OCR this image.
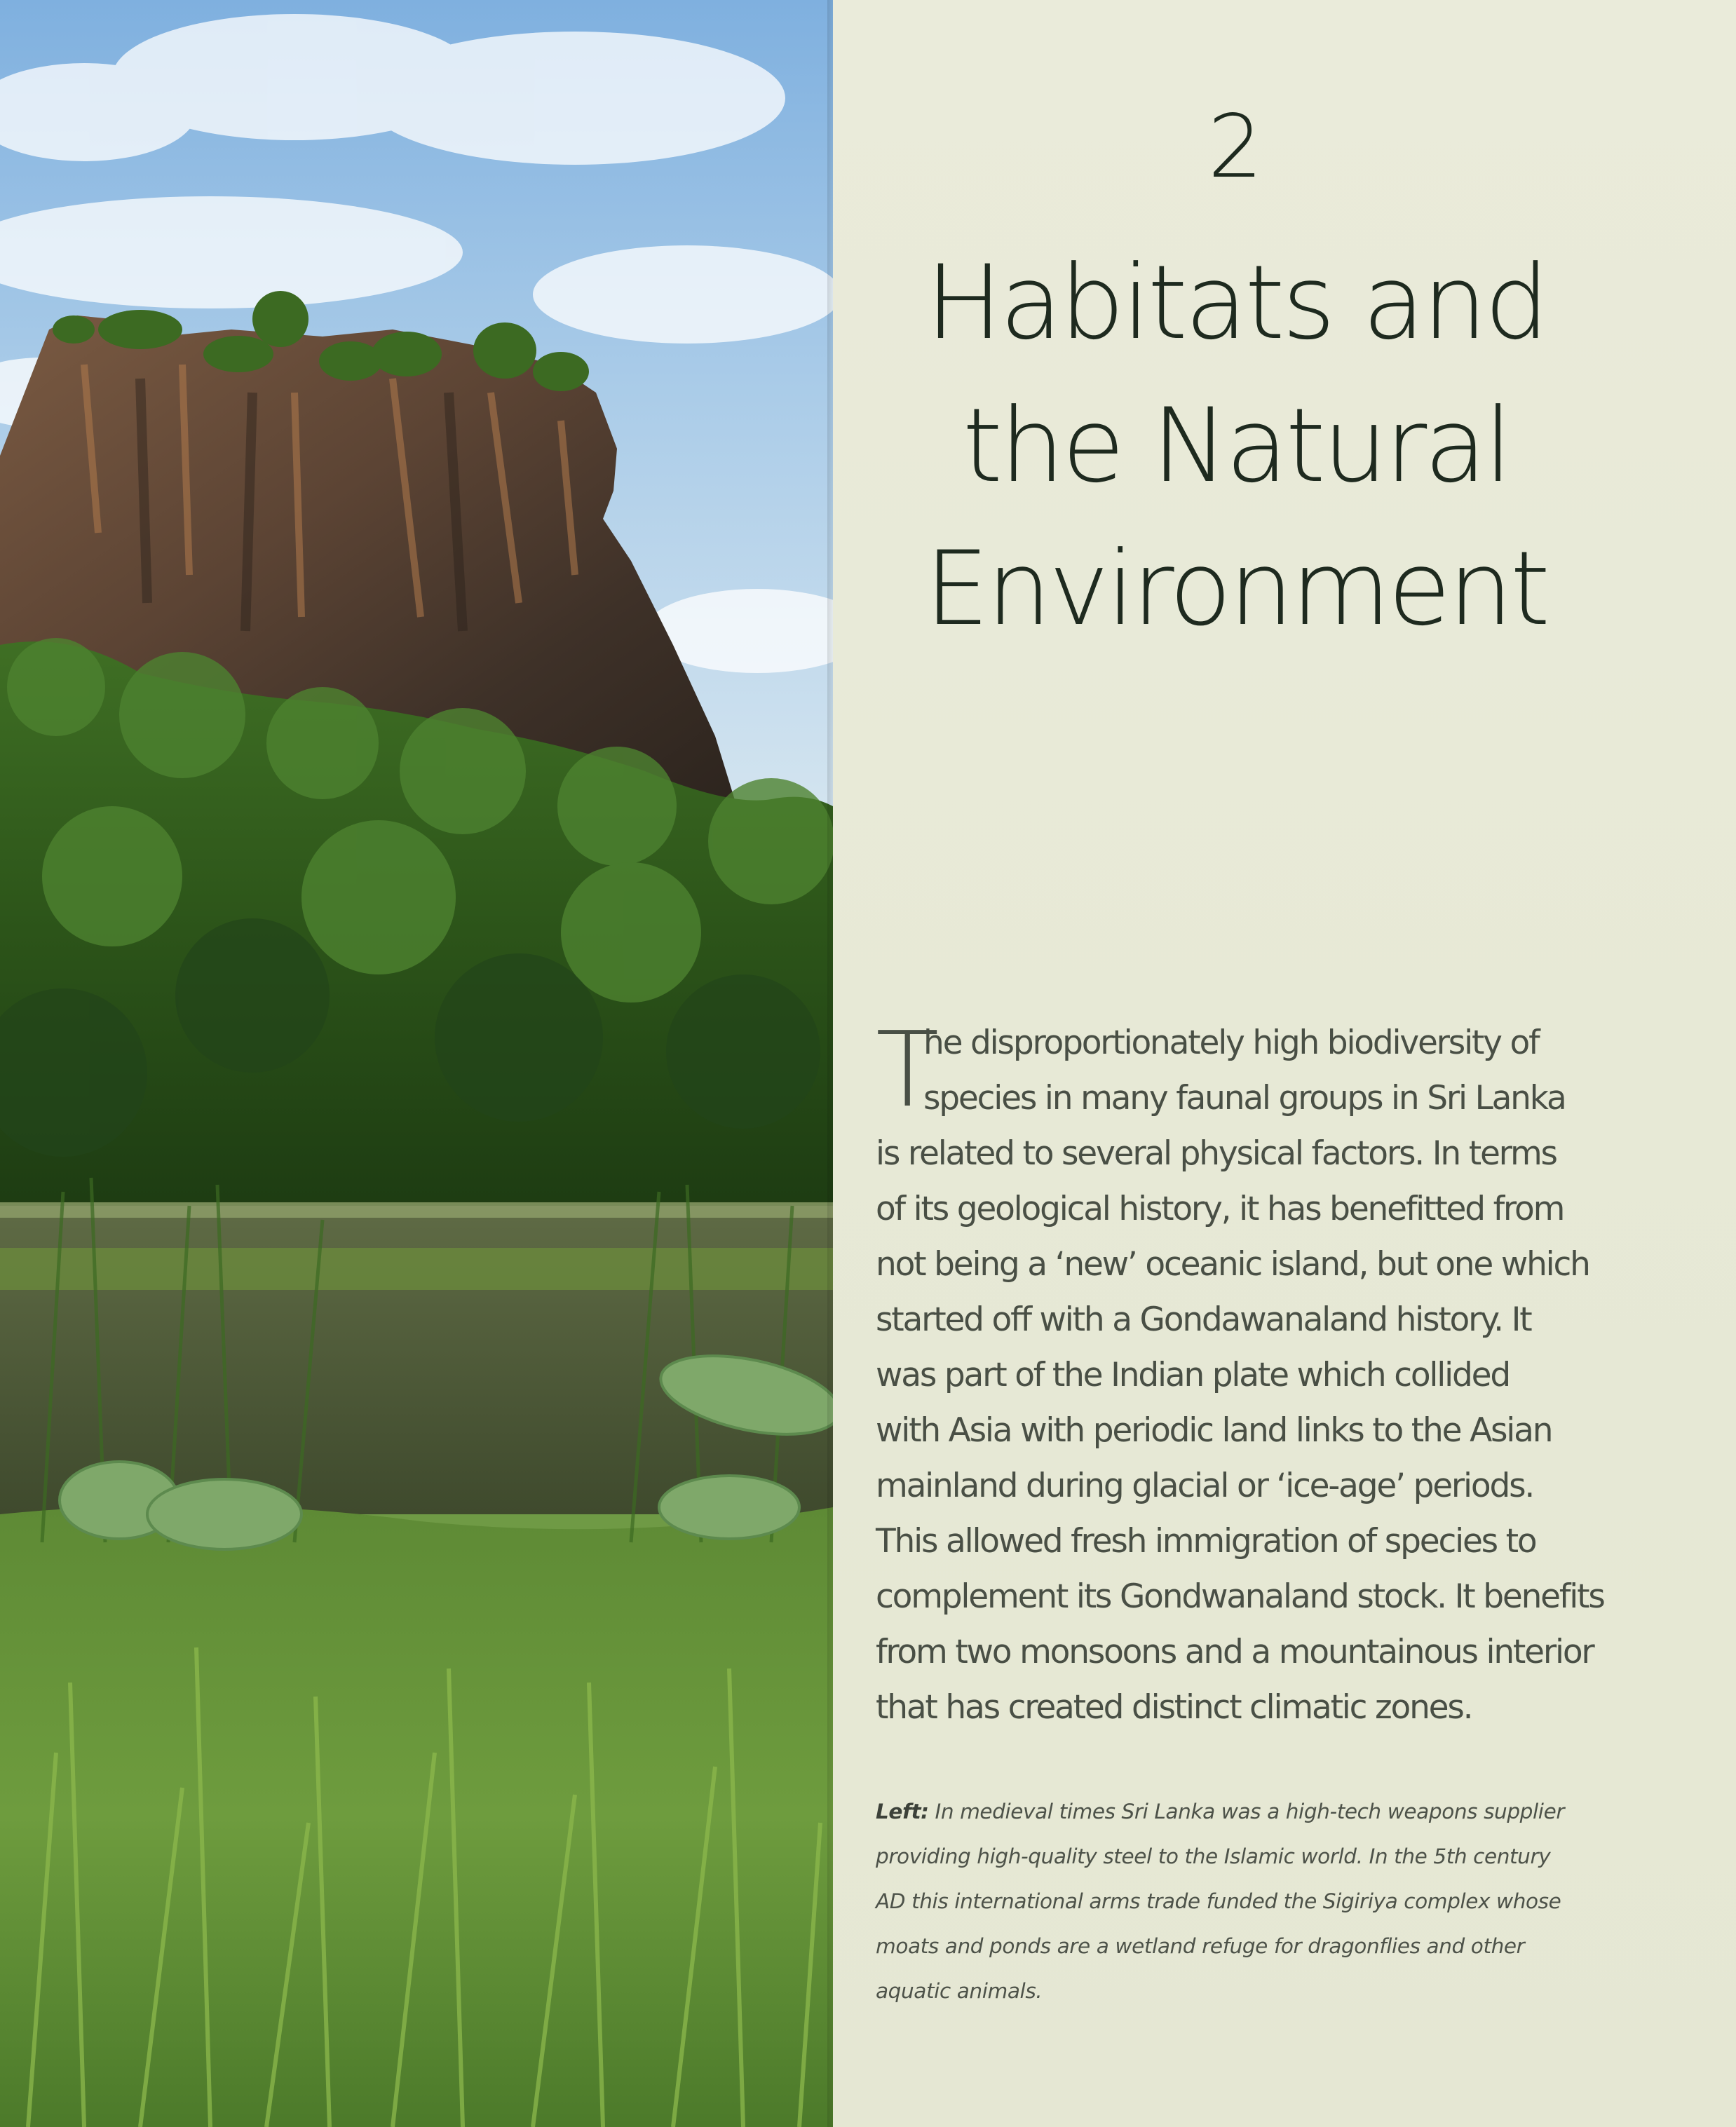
2
Habitats and
the Natural
Environment
T
he disproportionately high biodiversity of
species in many faunal groups in Sri Lanka
is related to several physical factors. In terms
of its geological history, it has benefitted from
not being a ‘new’ oceanic island, but one which
started off with a Gondawanaland history. It
was part of the Indian plate which collided
with Asia with periodic land links to the Asian
mainland during glacial or ‘ice-age’ periods.
This allowed fresh immigration of species to
complement its Gondwanaland stock. It benefits
from two monsoons and a mountainous interior
that has created distinct climatic zones.
Left: In medieval times Sri Lanka was a high-tech weapons supplier
providing high-quality steel to the Islamic world. In the 5th century
AD this international arms trade funded the Sigiriya complex whose
moats and ponds are a wetland refuge for dragonflies and other
aquatic animals.
